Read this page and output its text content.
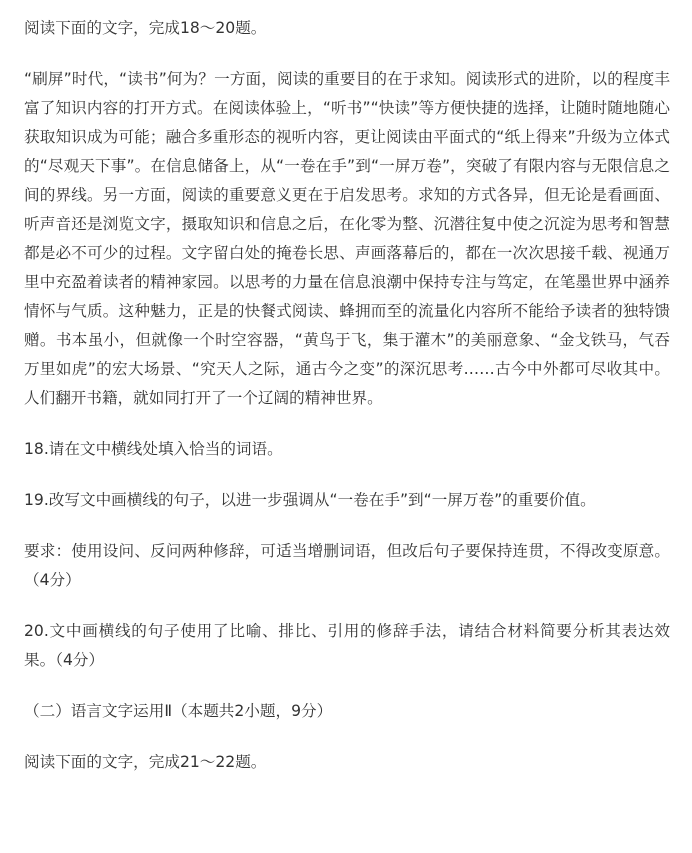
阅读下面的文字，完成18～20题。

“刷屏”时代，“读书”何为？一方面，阅读的重要目的在于求知。阅读形式的进阶，以的程度丰富了知识内容的打开方式。在阅读体验上，“听书”“快读”等方便快捷的选择，让随时随地随心获取知识成为可能；融合多重形态的视听内容，更让阅读由平面式的“纸上得来”升级为立体式的“尽观天下事”。在信息储备上，从“一卷在手”到“一屏万卷”，突破了有限内容与无限信息之间的界线。另一方面，阅读的重要意义更在于启发思考。求知的方式各异，但无论是看画面、听声音还是浏览文字，摄取知识和信息之后，在化零为整、沉潜往复中使之沉淀为思考和智慧都是必不可少的过程。文字留白处的掩卷长思、声画落幕后的，都在一次次思接千载、视通万里中充盈着读者的精神家园。以思考的力量在信息浪潮中保持专注与笃定，在笔墨世界中涵养情怀与气质。这种魅力，正是的快餐式阅读、蜂拥而至的流量化内容所不能给予读者的独特馈赠。书本虽小，但就像一个时空容器，“黄鸟于飞，集于灌木”的美丽意象、“金戈铁马，气吞万里如虎”的宏大场景、“究天人之际，通古今之变”的深沉思考……古今中外都可尽收其中。人们翻开书籍，就如同打开了一个辽阔的精神世界。

18.请在文中横线处填入恰当的词语。

19.改写文中画横线的句子，以进一步强调从“一卷在手”到“一屏万卷”的重要价值。

要求：使用设问、反问两种修辞，可适当增删词语，但改后句子要保持连贯，不得改变原意。（4分）

20.文中画横线的句子使用了比喻、排比、引用的修辞手法，请结合材料简要分析其表达效果。（4分）

（二）语言文字运用Ⅱ（本题共2小题，9分）

阅读下面的文字，完成21～22题。
